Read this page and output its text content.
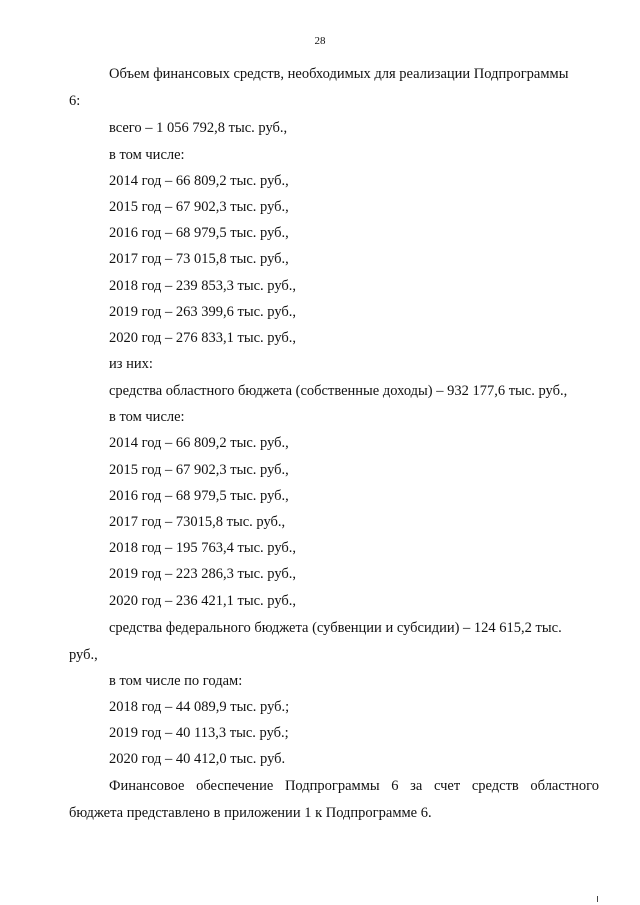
28
Объем финансовых средств, необходимых для реализации Подпрограммы
6:
всего – 1 056 792,8 тыс. руб.,
в том числе:
2014 год – 66 809,2 тыс. руб.,
2015 год – 67 902,3 тыс. руб.,
2016 год – 68 979,5 тыс. руб.,
2017 год – 73 015,8 тыс. руб.,
2018 год – 239 853,3 тыс. руб.,
2019 год – 263 399,6 тыс. руб.,
2020 год – 276 833,1 тыс. руб.,
из них:
средства областного бюджета (собственные доходы) – 932 177,6 тыс. руб.,
в том числе:
2014 год – 66 809,2 тыс. руб.,
2015 год – 67 902,3 тыс. руб.,
2016 год – 68 979,5 тыс. руб.,
2017 год – 73015,8 тыс. руб.,
2018 год – 195 763,4 тыс. руб.,
2019 год – 223 286,3 тыс. руб.,
2020 год – 236 421,1 тыс. руб.,
средства федерального бюджета (субвенции и субсидии) – 124 615,2 тыс.
руб.,
в том числе по годам:
2018 год – 44 089,9 тыс. руб.;
2019 год – 40 113,3 тыс. руб.;
2020 год – 40 412,0 тыс. руб.
Финансовое обеспечение Подпрограммы 6 за счет средств областного
бюджета представлено в приложении 1 к Подпрограмме 6.
